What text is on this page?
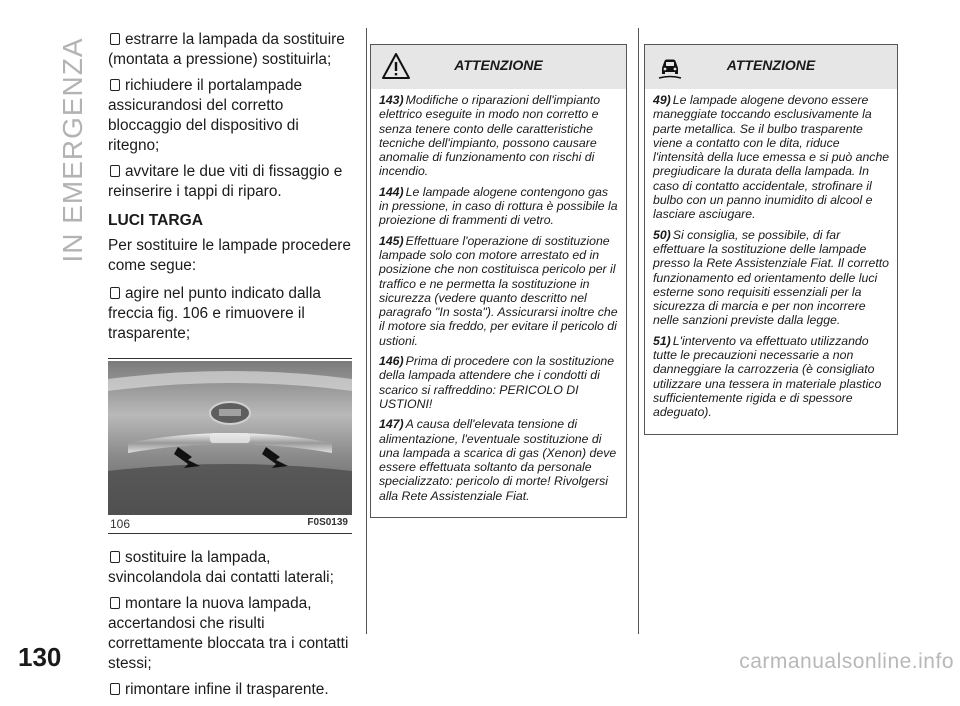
IN EMERGENZA	estrarre la lampada da sostituire (montata a pressione) sostituirla;

richiudere il portalampade assicurandosi del corretto bloccaggio del dispositivo di ritegno;

avvitare le due viti di fissaggio e reinserire i tappi di riparo.

LUCI TARGA

Per sostituire le lampade procedere come segue:

agire nel punto indicato dalla freccia fig. 106 e rimuovere il trasparente;

106	F0S0139

sostituire la lampada, svincolandola dai contatti laterali;

montare la nuova lampada, accertandosi che risulti correttamente bloccata tra i contatti stessi;

rimontare infine il trasparente.

ATTENZIONE

143) Modifiche o riparazioni dell'impianto elettrico eseguite in modo non corretto e senza tenere conto delle caratteristiche tecniche dell'impianto, possono causare anomalie di funzionamento con rischi di incendio.

144) Le lampade alogene contengono gas in pressione, in caso di rottura è possibile la proiezione di frammenti di vetro.

145) Effettuare l'operazione di sostituzione lampade solo con motore arrestato ed in posizione che non costituisca pericolo per il traffico e ne permetta la sostituzione in sicurezza (vedere quanto descritto nel paragrafo "In sosta"). Assicurarsi inoltre che il motore sia freddo, per evitare il pericolo di ustioni.

146) Prima di procedere con la sostituzione della lampada attendere che i condotti di scarico si raffreddino: PERICOLO DI USTIONI!

147) A causa dell'elevata tensione di alimentazione, l'eventuale sostituzione di una lampada a scarica di gas (Xenon) deve essere effettuata soltanto da personale specializzato: pericolo di morte! Rivolgersi alla Rete Assistenziale Fiat.

ATTENZIONE

49) Le lampade alogene devono essere maneggiate toccando esclusivamente la parte metallica. Se il bulbo trasparente viene a contatto con le dita, riduce l'intensità della luce emessa e si può anche pregiudicare la durata della lampada. In caso di contatto accidentale, strofinare il bulbo con un panno inumidito di alcool e lasciare asciugare.

50) Si consiglia, se possibile, di far effettuare la sostituzione delle lampade presso la Rete Assistenziale Fiat. Il corretto funzionamento ed orientamento delle luci esterne sono requisiti essenziali per la sicurezza di marcia e per non incorrere nelle sanzioni previste dalla legge.

51) L'intervento va effettuato utilizzando tutte le precauzioni necessarie a non danneggiare la carrozzeria (è consigliato utilizzare una tessera in materiale plastico sufficientemente rigida e di spessore adeguato).

130	carmanualsonline.info
